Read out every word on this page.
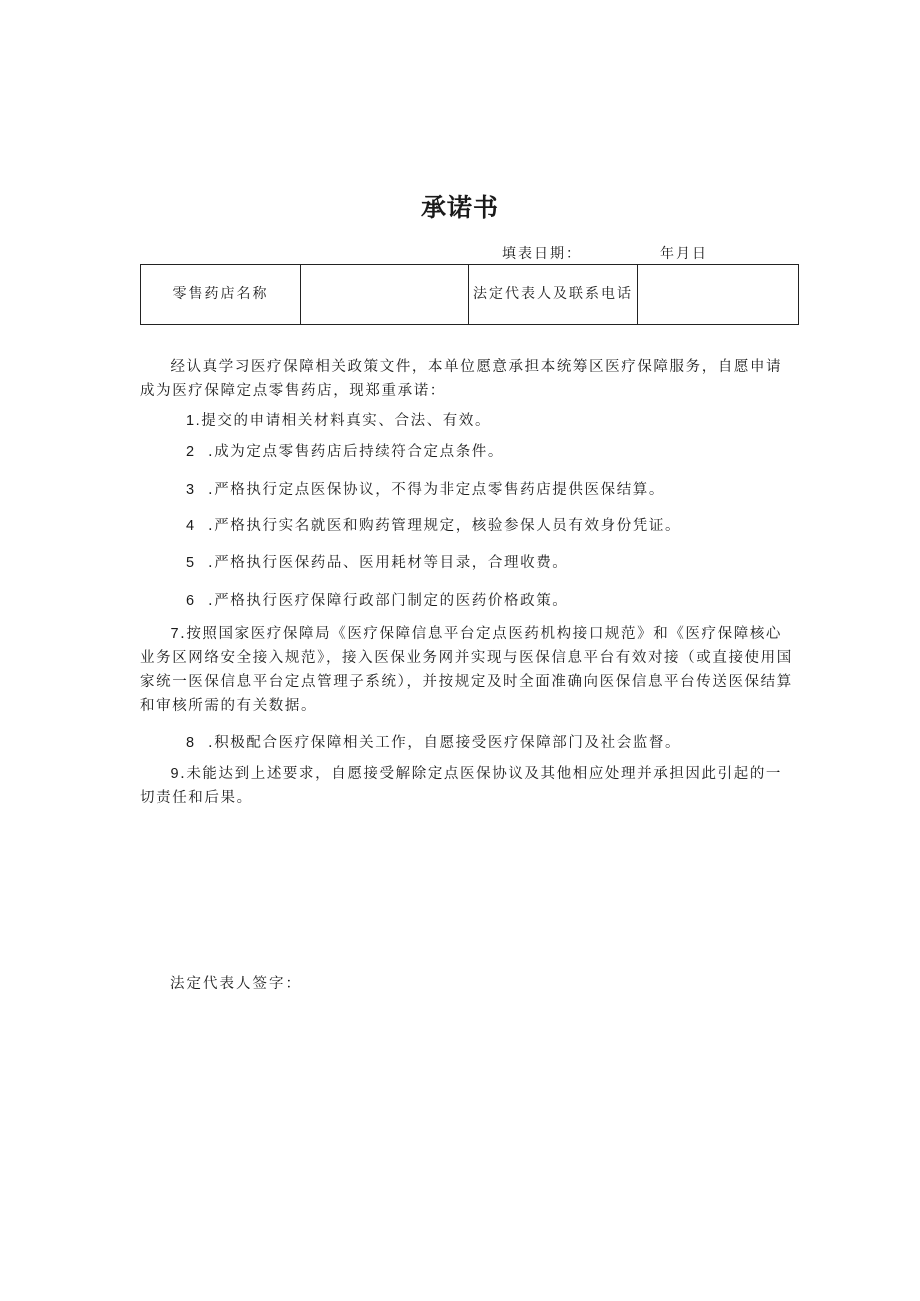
承诺书
填表日期：	年月日
零售药店名称		法定代表人及联系电话	

经认真学习医疗保障相关政策文件，本单位愿意承担本统筹区医疗保障服务，自愿申请成为医疗保障定点零售药店，现郑重承诺：

1.提交的申请相关材料真实、合法、有效。
2 .成为定点零售药店后持续符合定点条件。
3 .严格执行定点医保协议，不得为非定点零售药店提供医保结算。
4 .严格执行实名就医和购药管理规定，核验参保人员有效身份凭证。
5 .严格执行医保药品、医用耗材等目录，合理收费。
6 .严格执行医疗保障行政部门制定的医药价格政策。

7.按照国家医疗保障局《医疗保障信息平台定点医药机构接口规范》和《医疗保障核心业务区网络安全接入规范》，接入医保业务网并实现与医保信息平台有效对接（或直接使用国家统一医保信息平台定点管理子系统），并按规定及时全面准确向医保信息平台传送医保结算和审核所需的有关数据。

8 .积极配合医疗保障相关工作，自愿接受医疗保障部门及社会监督。

9.未能达到上述要求，自愿接受解除定点医保协议及其他相应处理并承担因此引起的一切责任和后果。

法定代表人签字：
